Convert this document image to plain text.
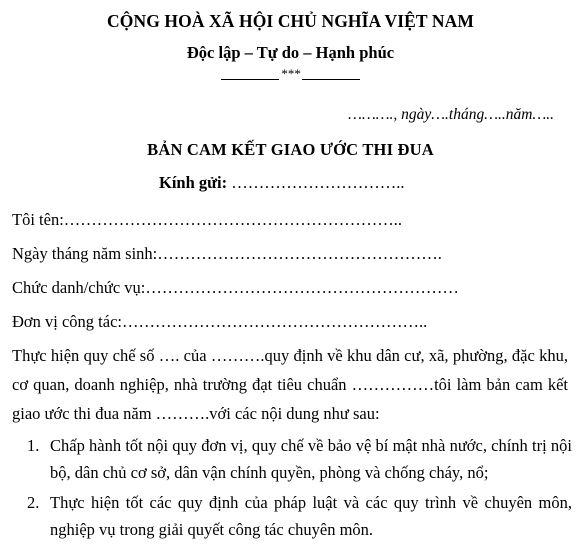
CỘNG HOÀ XÃ HỘI CHỦ NGHĨA VIỆT NAM
Độc lập – Tự do – Hạnh phúc
***
………., ngày….tháng…..năm…..
BẢN CAM KẾT GIAO ƯỚC THI ĐUA
Kính gửi: …………………………..
Tôi tên:……………………………………………………..
Ngày tháng năm sinh:…………………………………………….
Chức danh/chức vụ:…………………………………………………
Đơn vị công tác:………………………………………………..
Thực hiện quy chế số …. của ……….quy định về khu dân cư, xã, phường, đặc khu, cơ quan, doanh nghiệp, nhà trường đạt tiêu chuẩn ……………tôi làm bản cam kết giao ước thi đua năm ……….với các nội dung như sau:
1. Chấp hành tốt nội quy đơn vị, quy chế về bảo vệ bí mật nhà nước, chính trị nội bộ, dân chủ cơ sở, dân vận chính quyền, phòng và chống cháy, nổ;
2. Thực hiện tốt các quy định của pháp luật và các quy trình về chuyên môn, nghiệp vụ trong giải quyết công tác chuyên môn.
